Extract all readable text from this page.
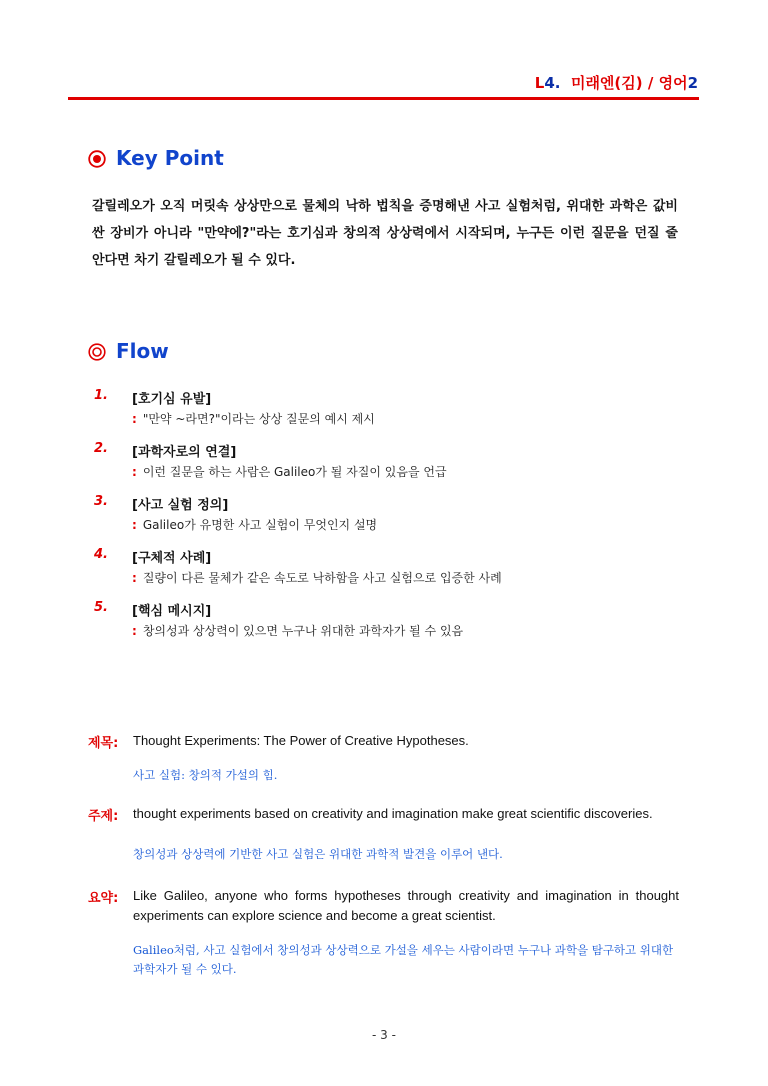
L4. 미래엔(김) / 영어2
Key Point
갈릴레오가 오직 머릿속 상상만으로 물체의 낙하 법칙을 증명해낸 사고 실험처럼, 위대한 과학은 값비싼 장비가 아니라 "만약에?"라는 호기심과 창의적 상상력에서 시작되며, 누구든 이런 질문을 던질 줄 안다면 차기 갈릴레오가 될 수 있다.
Flow
1. [호기심 유발]
: "만약 ~라면?"이라는 상상 질문의 예시 제시
2. [과학자로의 연결]
: 이런 질문을 하는 사람은 Galileo가 될 자질이 있음을 언급
3. [사고 실험 정의]
: Galileo가 유명한 사고 실험이 무엇인지 설명
4. [구체적 사례]
: 질량이 다른 물체가 같은 속도로 낙하함을 사고 실험으로 입증한 사례
5. [핵심 메시지]
: 창의성과 상상력이 있으면 누구나 위대한 과학자가 될 수 있음
제목: Thought Experiments: The Power of Creative Hypotheses.
사고 실험: 창의적 가설의 힘.
주제: thought experiments based on creativity and imagination make great scientific discoveries.
창의성과 상상력에 기반한 사고 실험은 위대한 과학적 발견을 이루어 낸다.
요약: Like Galileo, anyone who forms hypotheses through creativity and imagination in thought experiments can explore science and become a great scientist.
Galileo처럼, 사고 실험에서 창의성과 상상력으로 가설을 세우는 사람이라면 누구나 과학을 탐구하고 위대한 과학자가 될 수 있다.
- 3 -
